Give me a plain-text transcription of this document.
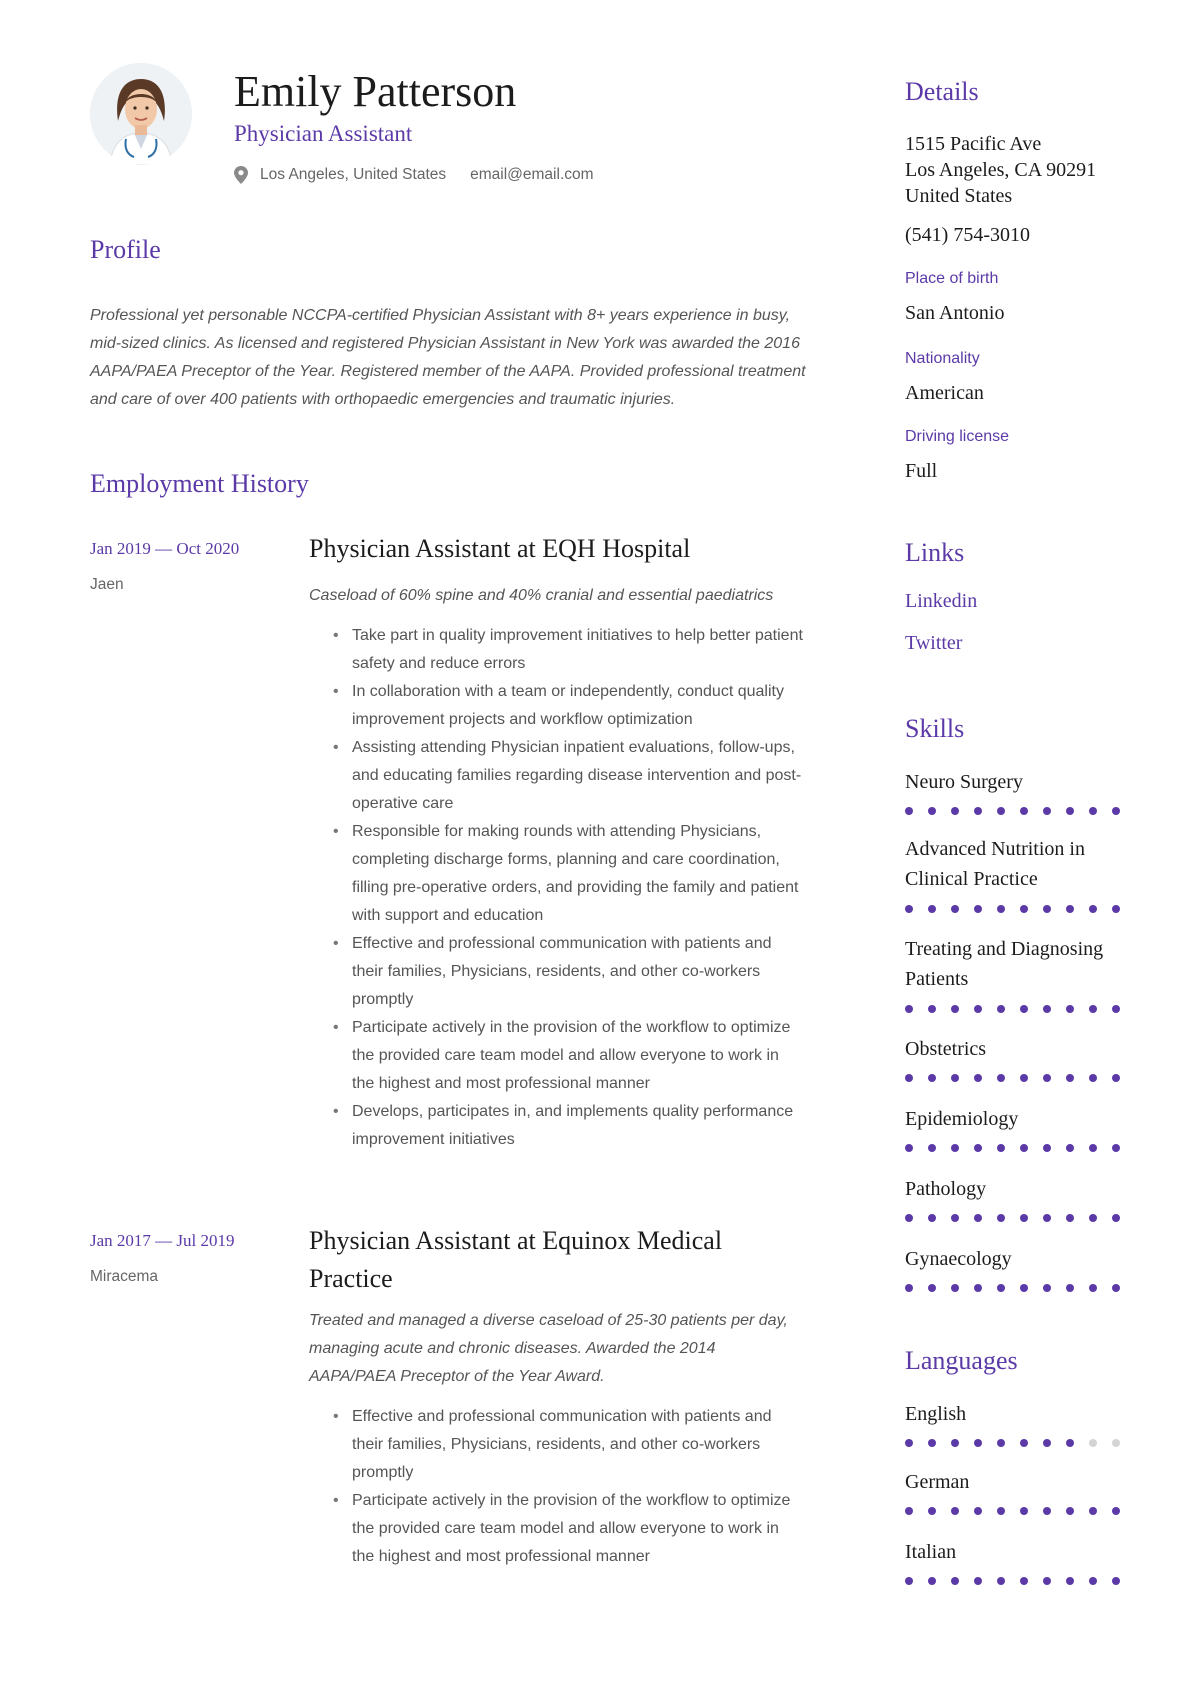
Emily Patterson
Physician Assistant
Los Angeles, United States email@email.com
Profile
Professional yet personable NCCPA-certified Physician Assistant with 8+ years experience in busy, mid-sized clinics. As licensed and registered Physician Assistant in New York was awarded the 2016 AAPA/PAEA Preceptor of the Year. Registered member of the AAPA. Provided professional treatment and care of over 400 patients with orthopaedic emergencies and traumatic injuries.
Employment History
Jan 2019 — Oct 2020
Jaen
Physician Assistant at EQH Hospital
Caseload of 60% spine and 40% cranial and essential paediatrics
• Take part in quality improvement initiatives to help better patient safety and reduce errors
• In collaboration with a team or independently, conduct quality improvement projects and workflow optimization
• Assisting attending Physician inpatient evaluations, follow-ups, and educating families regarding disease intervention and post-operative care
• Responsible for making rounds with attending Physicians, completing discharge forms, planning and care coordination, filling pre-operative orders, and providing the family and patient with support and education
• Effective and professional communication with patients and their families, Physicians, residents, and other co-workers promptly
• Participate actively in the provision of the workflow to optimize the provided care team model and allow everyone to work in the highest and most professional manner
• Develops, participates in, and implements quality performance improvement initiatives
Jan 2017 — Jul 2019
Miracema
Physician Assistant at Equinox Medical Practice
Treated and managed a diverse caseload of 25-30 patients per day, managing acute and chronic diseases. Awarded the 2014 AAPA/PAEA Preceptor of the Year Award.
• Effective and professional communication with patients and their families, Physicians, residents, and other co-workers promptly
• Participate actively in the provision of the workflow to optimize the provided care team model and allow everyone to work in the highest and most professional manner
Details
1515 Pacific Ave
Los Angeles, CA 90291
United States
(541) 754-3010
Place of birth
San Antonio
Nationality
American
Driving license
Full
Links
Linkedin
Twitter
Skills
Neuro Surgery
Advanced Nutrition in Clinical Practice
Treating and Diagnosing Patients
Obstetrics
Epidemiology
Pathology
Gynaecology
Languages
English
German
Italian
